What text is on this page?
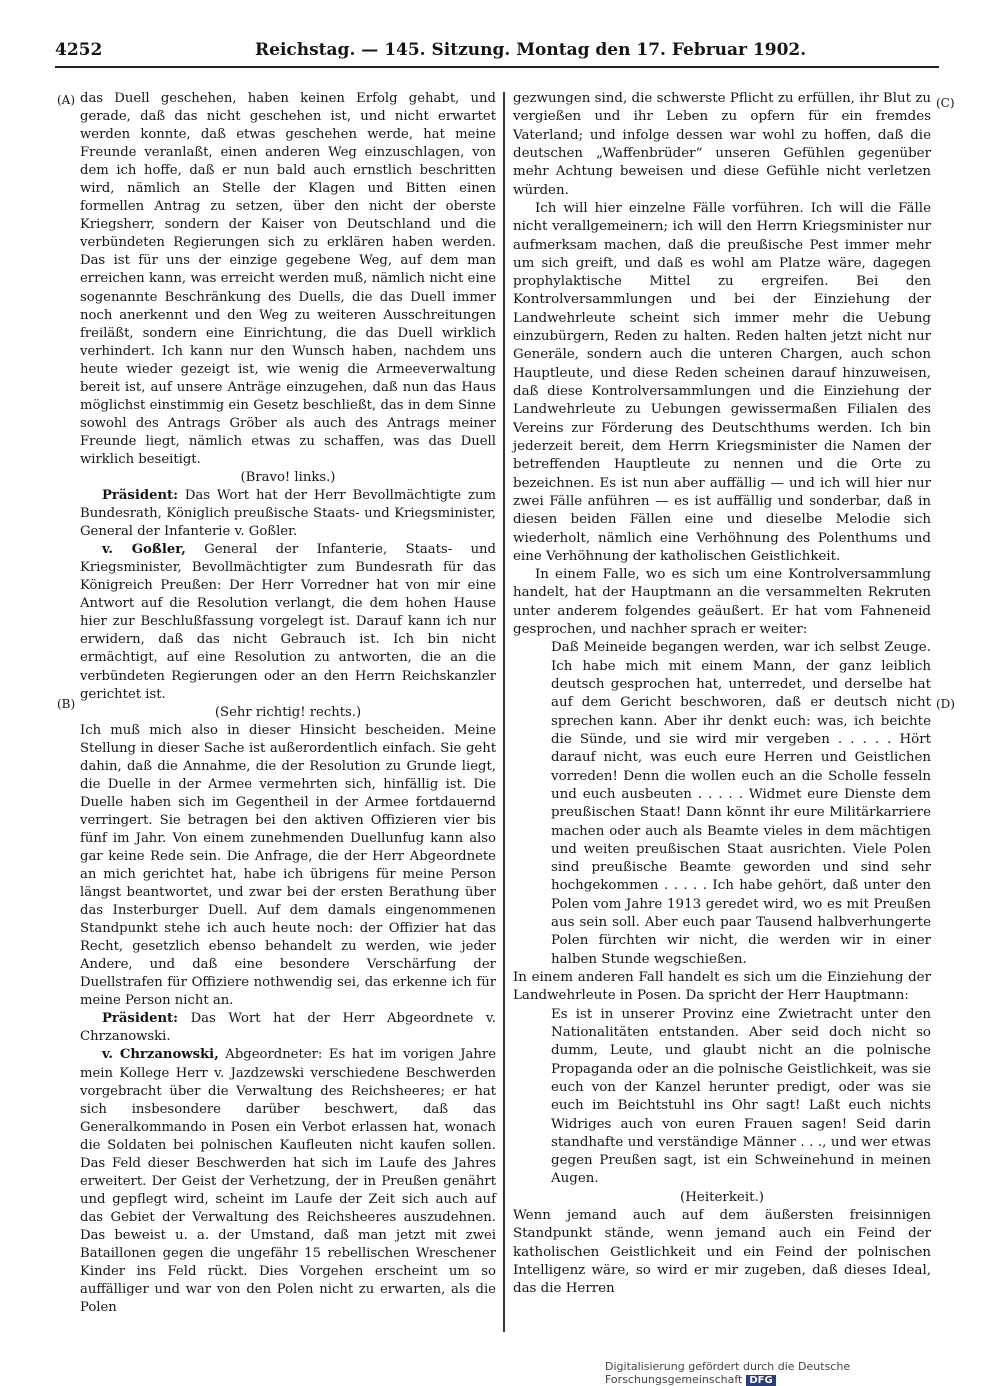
4252	Reichstag. — 145. Sitzung. Montag den 17. Februar 1902.
(A)
(B)
(C)
(D)

das Duell geschehen, haben keinen Erfolg gehabt, und gerade, daß das nicht geschehen ist, und nicht erwartet werden konnte, daß etwas geschehen werde, hat meine Freunde veranlaßt, einen anderen Weg einzuschlagen, von dem ich hoffe, daß er nun bald auch ernstlich beschritten wird, nämlich an Stelle der Klagen und Bitten einen formellen Antrag zu setzen, über den nicht der oberste Kriegsherr, sondern der Kaiser von Deutschland und die verbündeten Regierungen sich zu erklären haben werden. Das ist für uns der einzige gegebene Weg, auf dem man erreichen kann, was erreicht werden muß, nämlich nicht eine sogenannte Beschränkung des Duells, die das Duell immer noch anerkennt und den Weg zu weiteren Ausschreitungen freiläßt, sondern eine Einrichtung, die das Duell wirklich verhindert. Ich kann nur den Wunsch haben, nachdem uns heute wieder gezeigt ist, wie wenig die Armeeverwaltung bereit ist, auf unsere Anträge einzugehen, daß nun das Haus möglichst einstimmig ein Gesetz beschließt, das in dem Sinne sowohl des Antrags Gröber als auch des Antrags meiner Freunde liegt, nämlich etwas zu schaffen, was das Duell wirklich beseitigt.

(Bravo! links.)

Präsident: Das Wort hat der Herr Bevollmächtigte zum Bundesrath, Königlich preußische Staats- und Kriegsminister, General der Infanterie v. Goßler.

v. Goßler, General der Infanterie, Staats- und Kriegsminister, Bevollmächtigter zum Bundesrath für das Königreich Preußen: Der Herr Vorredner hat von mir eine Antwort auf die Resolution verlangt, die dem hohen Hause hier zur Beschlußfassung vorgelegt ist. Darauf kann ich nur erwidern, daß das nicht Gebrauch ist. Ich bin nicht ermächtigt, auf eine Resolution zu antworten, die an die verbündeten Regierungen oder an den Herrn Reichskanzler gerichtet ist.

(Sehr richtig! rechts.)

Ich muß mich also in dieser Hinsicht bescheiden. Meine Stellung in dieser Sache ist außerordentlich einfach. Sie geht dahin, daß die Annahme, die der Resolution zu Grunde liegt, die Duelle in der Armee vermehrten sich, hinfällig ist. Die Duelle haben sich im Gegentheil in der Armee fortdauernd verringert. Sie betragen bei den aktiven Offizieren vier bis fünf im Jahr. Von einem zunehmenden Duellunfug kann also gar keine Rede sein. Die Anfrage, die der Herr Abgeordnete an mich gerichtet hat, habe ich übrigens für meine Person längst beantwortet, und zwar bei der ersten Berathung über das Insterburger Duell. Auf dem damals eingenommenen Standpunkt stehe ich auch heute noch: der Offizier hat das Recht, gesetzlich ebenso behandelt zu werden, wie jeder Andere, und daß eine besondere Verschärfung der Duellstrafen für Offiziere nothwendig sei, das erkenne ich für meine Person nicht an.

Präsident: Das Wort hat der Herr Abgeordnete v. Chrzanowski.

v. Chrzanowski, Abgeordneter: Es hat im vorigen Jahre mein Kollege Herr v. Jazdzewski verschiedene Beschwerden vorgebracht über die Verwaltung des Reichsheeres; er hat sich insbesondere darüber beschwert, daß das Generalkommando in Posen ein Verbot erlassen hat, wonach die Soldaten bei polnischen Kaufleuten nicht kaufen sollen. Das Feld dieser Beschwerden hat sich im Laufe des Jahres erweitert. Der Geist der Verhetzung, der in Preußen genährt und gepflegt wird, scheint im Laufe der Zeit sich auch auf das Gebiet der Verwaltung des Reichsheeres auszudehnen. Das beweist u. a. der Umstand, daß man jetzt mit zwei Bataillonen gegen die ungefähr 15 rebellischen Wreschener Kinder ins Feld rückt. Dies Vorgehen erscheint um so auffälliger und war von den Polen nicht zu erwarten, als die Polen

gezwungen sind, die schwerste Pflicht zu erfüllen, ihr Blut zu vergießen und ihr Leben zu opfern für ein fremdes Vaterland; und infolge dessen war wohl zu hoffen, daß die deutschen „Waffenbrüder“ unseren Gefühlen gegenüber mehr Achtung beweisen und diese Gefühle nicht verletzen würden.

Ich will hier einzelne Fälle vorführen. Ich will die Fälle nicht verallgemeinern; ich will den Herrn Kriegsminister nur aufmerksam machen, daß die preußische Pest immer mehr um sich greift, und daß es wohl am Platze wäre, dagegen prophylaktische Mittel zu ergreifen. Bei den Kontrolversammlungen und bei der Einziehung der Landwehrleute scheint sich immer mehr die Uebung einzubürgern, Reden zu halten. Reden halten jetzt nicht nur Generäle, sondern auch die unteren Chargen, auch schon Hauptleute, und diese Reden scheinen darauf hinzuweisen, daß diese Kontrolversammlungen und die Einziehung der Landwehrleute zu Uebungen gewissermaßen Filialen des Vereins zur Förderung des Deutschthums werden. Ich bin jederzeit bereit, dem Herrn Kriegsminister die Namen der betreffenden Hauptleute zu nennen und die Orte zu bezeichnen. Es ist nun aber auffällig — und ich will hier nur zwei Fälle anführen — es ist auffällig und sonderbar, daß in diesen beiden Fällen eine und dieselbe Melodie sich wiederholt, nämlich eine Verhöhnung des Polenthums und eine Verhöhnung der katholischen Geistlichkeit.

In einem Falle, wo es sich um eine Kontrolversammlung handelt, hat der Hauptmann an die versammelten Rekruten unter anderem folgendes geäußert. Er hat vom Fahneneid gesprochen, und nachher sprach er weiter:

Daß Meineide begangen werden, war ich selbst Zeuge. Ich habe mich mit einem Mann, der ganz leiblich deutsch gesprochen hat, unterredet, und derselbe hat auf dem Gericht beschworen, daß er deutsch nicht sprechen kann. Aber ihr denkt euch: was, ich beichte die Sünde, und sie wird mir vergeben . . . . . Hört darauf nicht, was euch eure Herren und Geistlichen vorreden! Denn die wollen euch an die Scholle fesseln und euch ausbeuten . . . . . Widmet eure Dienste dem preußischen Staat! Dann könnt ihr eure Militärkarriere machen oder auch als Beamte vieles in dem mächtigen und weiten preußischen Staat ausrichten. Viele Polen sind preußische Beamte geworden und sind sehr hochgekommen . . . . . Ich habe gehört, daß unter den Polen vom Jahre 1913 geredet wird, wo es mit Preußen aus sein soll. Aber euch paar Tausend halbverhungerte Polen fürchten wir nicht, die werden wir in einer halben Stunde wegschießen.

In einem anderen Fall handelt es sich um die Einziehung der Landwehrleute in Posen. Da spricht der Herr Hauptmann:

Es ist in unserer Provinz eine Zwietracht unter den Nationalitäten entstanden. Aber seid doch nicht so dumm, Leute, und glaubt nicht an die polnische Propaganda oder an die polnische Geistlichkeit, was sie euch von der Kanzel herunter predigt, oder was sie euch im Beichtstuhl ins Ohr sagt! Laßt euch nichts Widriges auch von euren Frauen sagen! Seid darin standhafte und verständige Männer . . ., und wer etwas gegen Preußen sagt, ist ein Schweinehund in meinen Augen.

(Heiterkeit.)

Wenn jemand auch auf dem äußersten freisinnigen Standpunkt stände, wenn jemand auch ein Feind der katholischen Geistlichkeit und ein Feind der polnischen Intelligenz wäre, so wird er mir zugeben, daß dieses Ideal, das die Herren

Digitalisierung gefördert durch die Deutsche Forschungsgemeinschaft DFG
